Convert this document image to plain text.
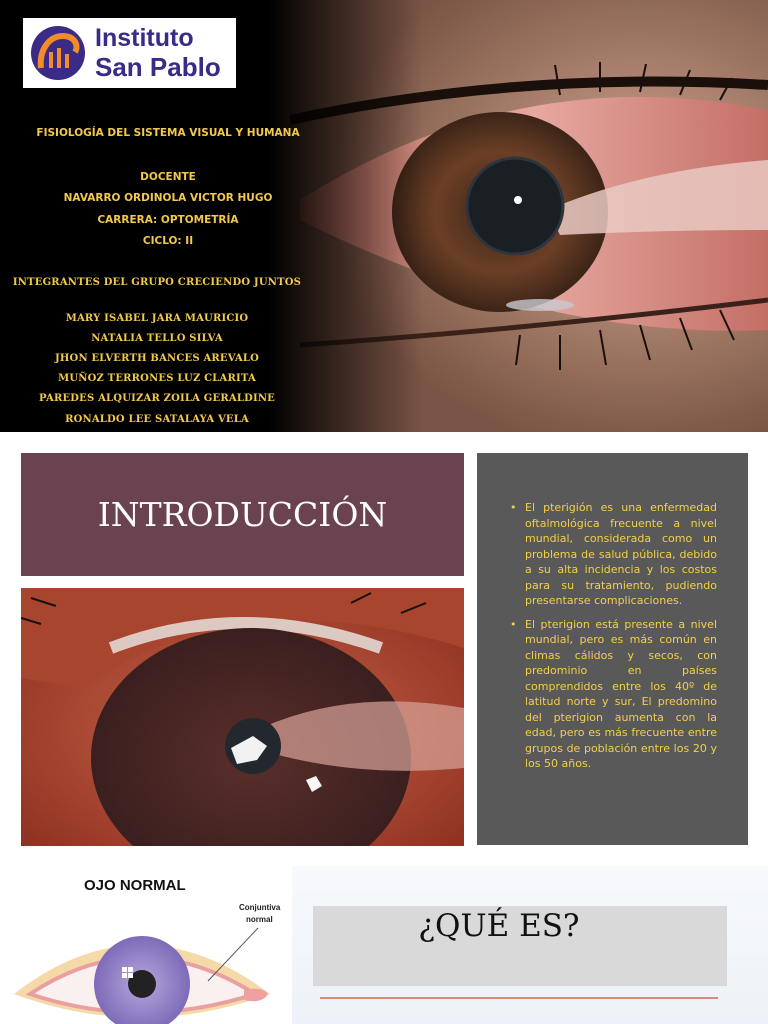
Instituto
San Pablo
FISIOLOGÍA DEL SISTEMA VISUAL Y HUMANA
DOCENTE
NAVARRO ORDINOLA VICTOR HUGO
CARRERA: OPTOMETRÍA
CICLO: II
INTEGRANTES DEL GRUPO CRECIENDO JUNTOS
MARY ISABEL JARA MAURICIO
NATALIA TELLO SILVA
JHON ELVERTH BANCES AREVALO
MUÑOZ TERRONES LUZ CLARITA
PAREDES ALQUIZAR ZOILA GERALDINE
RONALDO LEE SATALAYA VELA
INTRODUCCIÓN	• El pterigión es una enfermedad oftalmológica frecuente a nivel mundial, considerada como un problema de salud pública, debido a su alta incidencia y los costos para su tratamiento, pudiendo presentarse complicaciones.
• El pterigion está presente a nivel mundial, pero es más común en climas cálidos y secos, con predominio en países comprendidos entre los 40º de latitud norte y sur, El predomino del pterigion aumenta con la edad, pero es más frecuente entre grupos de población entre los 20 y los 50 años.
OJO NORMAL
Conjuntiva
normal	¿QUÉ ES?
